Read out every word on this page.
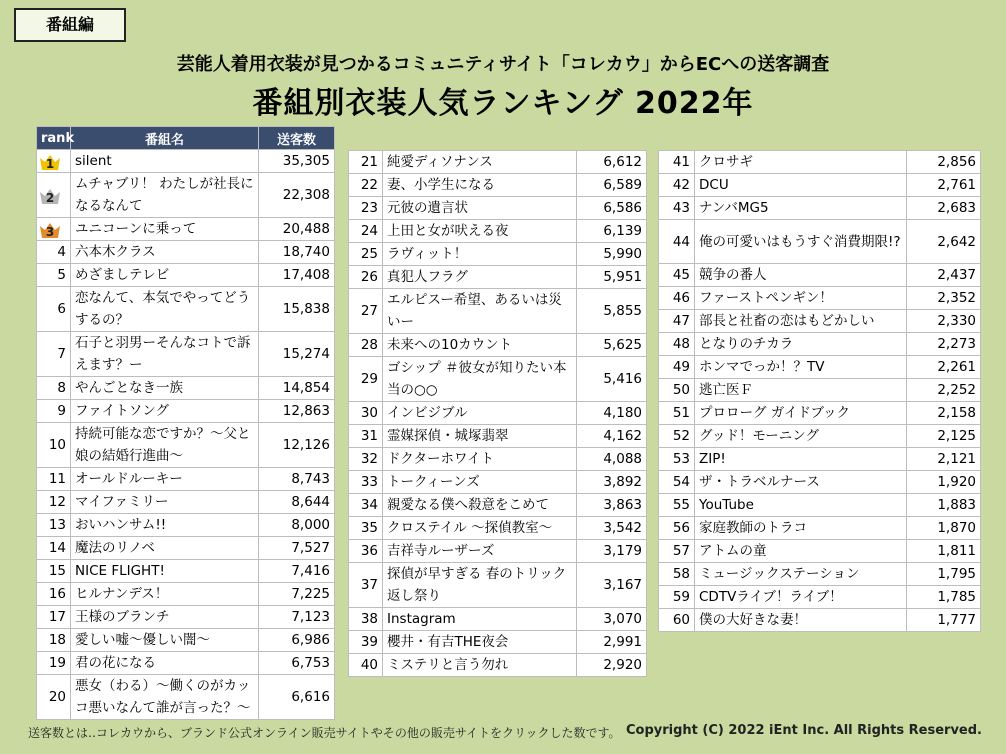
番組編
芸能人着用衣装が見つかるコミュニティサイト「コレカウ」からECへの送客調査
番組別衣装人気ランキング 2022年
rank	番組名	送客数

1	silent	35,305

2	ムチャブリ！ わたしが社長になるなんて	22,308

3	ユニコーンに乗って	20,488
4	六本木クラス	18,740
5	めざましテレビ	17,408
6	恋なんて、本気でやってどうするの？	15,838
7	石子と羽男ーそんなコトで訴えます？ー	15,274
8	やんごとなき一族	14,854
9	ファイトソング	12,863
10	持続可能な恋ですか？～父と娘の結婚行進曲～	12,126
11	オールドルーキー	8,743
12	マイファミリー	8,644
13	おいハンサム!!	8,000
14	魔法のリノベ	7,527
15	NICE FLIGHT!	7,416
16	ヒルナンデス！	7,225
17	王様のブランチ	7,123
18	愛しい嘘～優しい闇～	6,986
19	君の花になる	6,753
20	悪女（わる）～働くのがカッコ悪いなんて誰が言った？～	6,616
21	純愛ディソナンス	6,612
22	妻、小学生になる	6,589
23	元彼の遺言状	6,586
24	上田と女が吠える夜	6,139
25	ラヴィット！	5,990
26	真犯人フラグ	5,951
27	エルピスー希望、あるいは災いー	5,855
28	未来への10カウント	5,625
29	ゴシップ ＃彼女が知りたい本当の○○	5,416
30	インビジブル	4,180
31	霊媒探偵・城塚翡翠	4,162
32	ドクターホワイト	4,088
33	トークィーンズ	3,892
34	親愛なる僕へ殺意をこめて	3,863
35	クロステイル ～探偵教室～	3,542
36	吉祥寺ルーザーズ	3,179
37	探偵が早すぎる 春のトリック返し祭り	3,167
38	Instagram	3,070
39	櫻井・有吉THE夜会	2,991
40	ミステリと言う勿れ	2,920
41	クロサギ	2,856
42	DCU	2,761
43	ナンバMG5	2,683
44	俺の可愛いはもうすぐ消費期限!?	2,642
45	競争の番人	2,437
46	ファーストペンギン！	2,352
47	部長と社畜の恋はもどかしい	2,330
48	となりのチカラ	2,273
49	ホンマでっか！？TV	2,261
50	逃亡医Ｆ	2,252
51	プロローグ ガイドブック	2,158
52	グッド！モーニング	2,125
53	ZIP!	2,121
54	ザ・トラベルナース	1,920
55	YouTube	1,883
56	家庭教師のトラコ	1,870
57	アトムの童	1,811
58	ミュージックステーション	1,795
59	CDTVライブ！ライブ！	1,785
60	僕の大好きな妻！	1,777
送客数とは‥コレカウから、ブランド公式オンライン販売サイトやその他の販売サイトをクリックした数です。 Copyright (C) 2022 iEnt Inc. All Rights Reserved.
